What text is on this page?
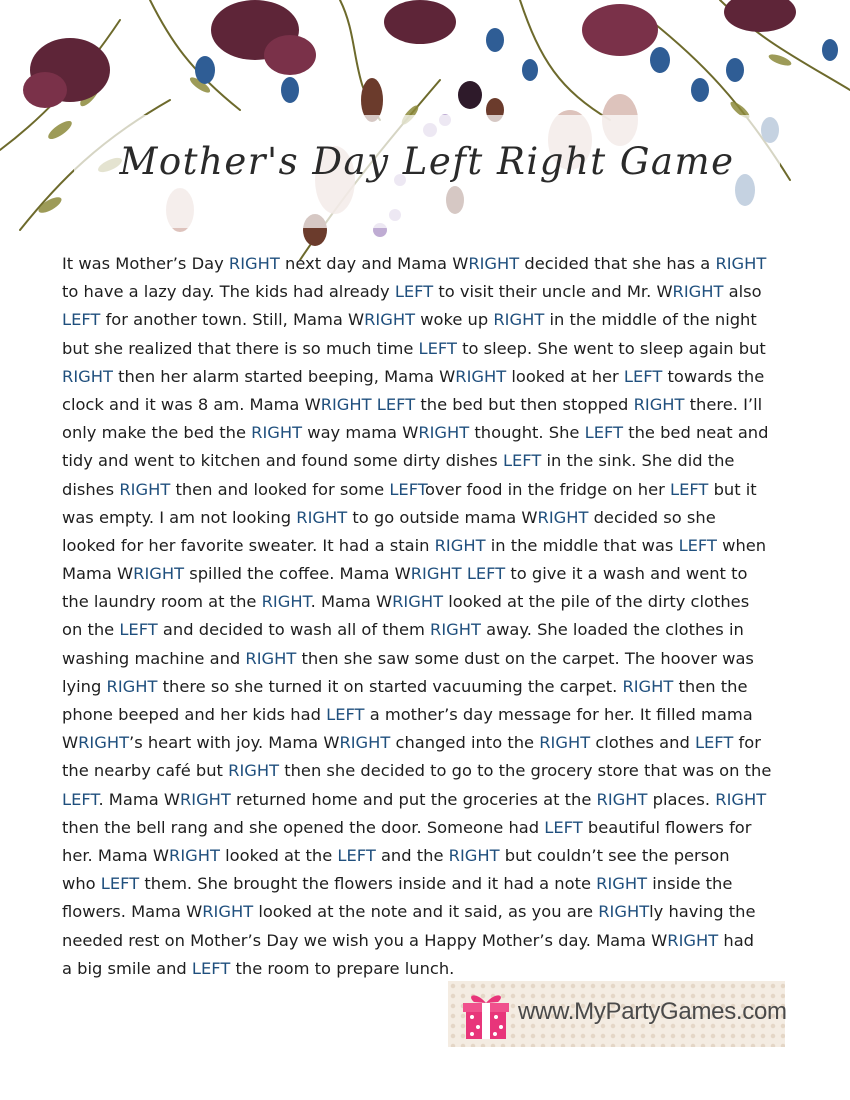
Mother's Day Left Right Game
It was Mother’s Day RIGHT next day and Mama WRIGHT decided that she has a RIGHT
to have a lazy day. The kids had already LEFT to visit their uncle and Mr. WRIGHT also
LEFT for another town. Still, Mama WRIGHT woke up RIGHT in the middle of the night
but she realized that there is so much time LEFT to sleep. She went to sleep again but
RIGHT then her alarm started beeping, Mama WRIGHT looked at her LEFT towards the
clock and it was 8 am. Mama WRIGHT LEFT the bed but then stopped RIGHT there. I’ll
only make the bed the RIGHT way mama WRIGHT thought. She LEFT the bed neat and
tidy and went to kitchen and found some dirty dishes LEFT in the sink. She did the
dishes RIGHT then and looked for some LEFTover food in the fridge on her LEFT but it
was empty. I am not looking RIGHT to go outside mama WRIGHT decided so she
looked for her favorite sweater. It had a stain RIGHT in the middle that was LEFT when
Mama WRIGHT spilled the coffee. Mama WRIGHT LEFT to give it a wash and went to
the laundry room at the RIGHT. Mama WRIGHT looked at the pile of the dirty clothes
on the LEFT and decided to wash all of them RIGHT away. She loaded the clothes in
washing machine and RIGHT then she saw some dust on the carpet. The hoover was
lying RIGHT there so she turned it on started vacuuming the carpet. RIGHT then the
phone beeped and her kids had LEFT a mother’s day message for her. It filled mama
WRIGHT’s heart with joy. Mama WRIGHT changed into the RIGHT clothes and LEFT for
the nearby café but RIGHT then she decided to go to the grocery store that was on the
LEFT. Mama WRIGHT returned home and put the groceries at the RIGHT places. RIGHT
then the bell rang and she opened the door. Someone had LEFT beautiful flowers for
her. Mama WRIGHT looked at the LEFT and the RIGHT but couldn’t see the person
who LEFT them. She brought the flowers inside and it had a note RIGHT inside the
flowers. Mama WRIGHT looked at the note and it said, as you are RIGHTly having the
needed rest on Mother’s Day we wish you a Happy Mother’s day. Mama WRIGHT had
a big smile and LEFT the room to prepare lunch.
www.MyPartyGames.com
